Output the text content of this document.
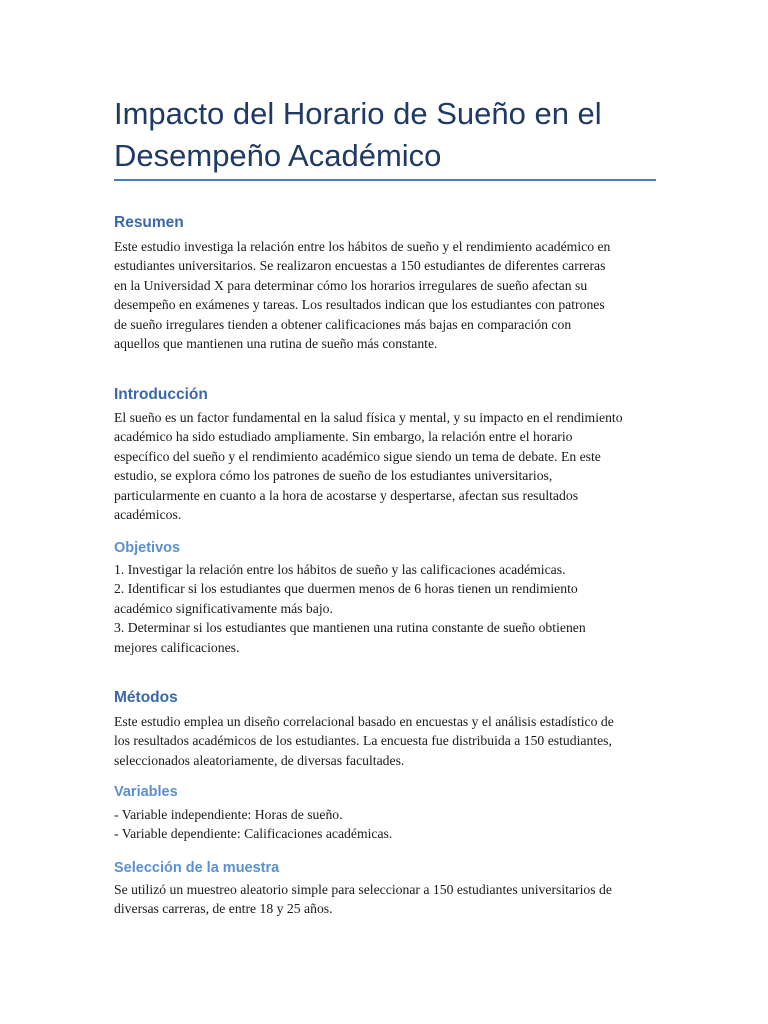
Impacto del Horario de Sueño en el
Desempeño Académico
Resumen

Este estudio investiga la relación entre los hábitos de sueño y el rendimiento académico en
estudiantes universitarios. Se realizaron encuestas a 150 estudiantes de diferentes carreras
en la Universidad X para determinar cómo los horarios irregulares de sueño afectan su
desempeño en exámenes y tareas. Los resultados indican que los estudiantes con patrones
de sueño irregulares tienden a obtener calificaciones más bajas en comparación con
aquellos que mantienen una rutina de sueño más constante.

Introducción

El sueño es un factor fundamental en la salud física y mental, y su impacto en el rendimiento
académico ha sido estudiado ampliamente. Sin embargo, la relación entre el horario
específico del sueño y el rendimiento académico sigue siendo un tema de debate. En este
estudio, se explora cómo los patrones de sueño de los estudiantes universitarios,
particularmente en cuanto a la hora de acostarse y despertarse, afectan sus resultados
académicos.

Objetivos

1. Investigar la relación entre los hábitos de sueño y las calificaciones académicas.
2. Identificar si los estudiantes que duermen menos de 6 horas tienen un rendimiento
académico significativamente más bajo.
3. Determinar si los estudiantes que mantienen una rutina constante de sueño obtienen
mejores calificaciones.

Métodos

Este estudio emplea un diseño correlacional basado en encuestas y el análisis estadístico de
los resultados académicos de los estudiantes. La encuesta fue distribuida a 150 estudiantes,
seleccionados aleatoriamente, de diversas facultades.

Variables

- Variable independiente: Horas de sueño.
- Variable dependiente: Calificaciones académicas.

Selección de la muestra

Se utilizó un muestreo aleatorio simple para seleccionar a 150 estudiantes universitarios de
diversas carreras, de entre 18 y 25 años.
